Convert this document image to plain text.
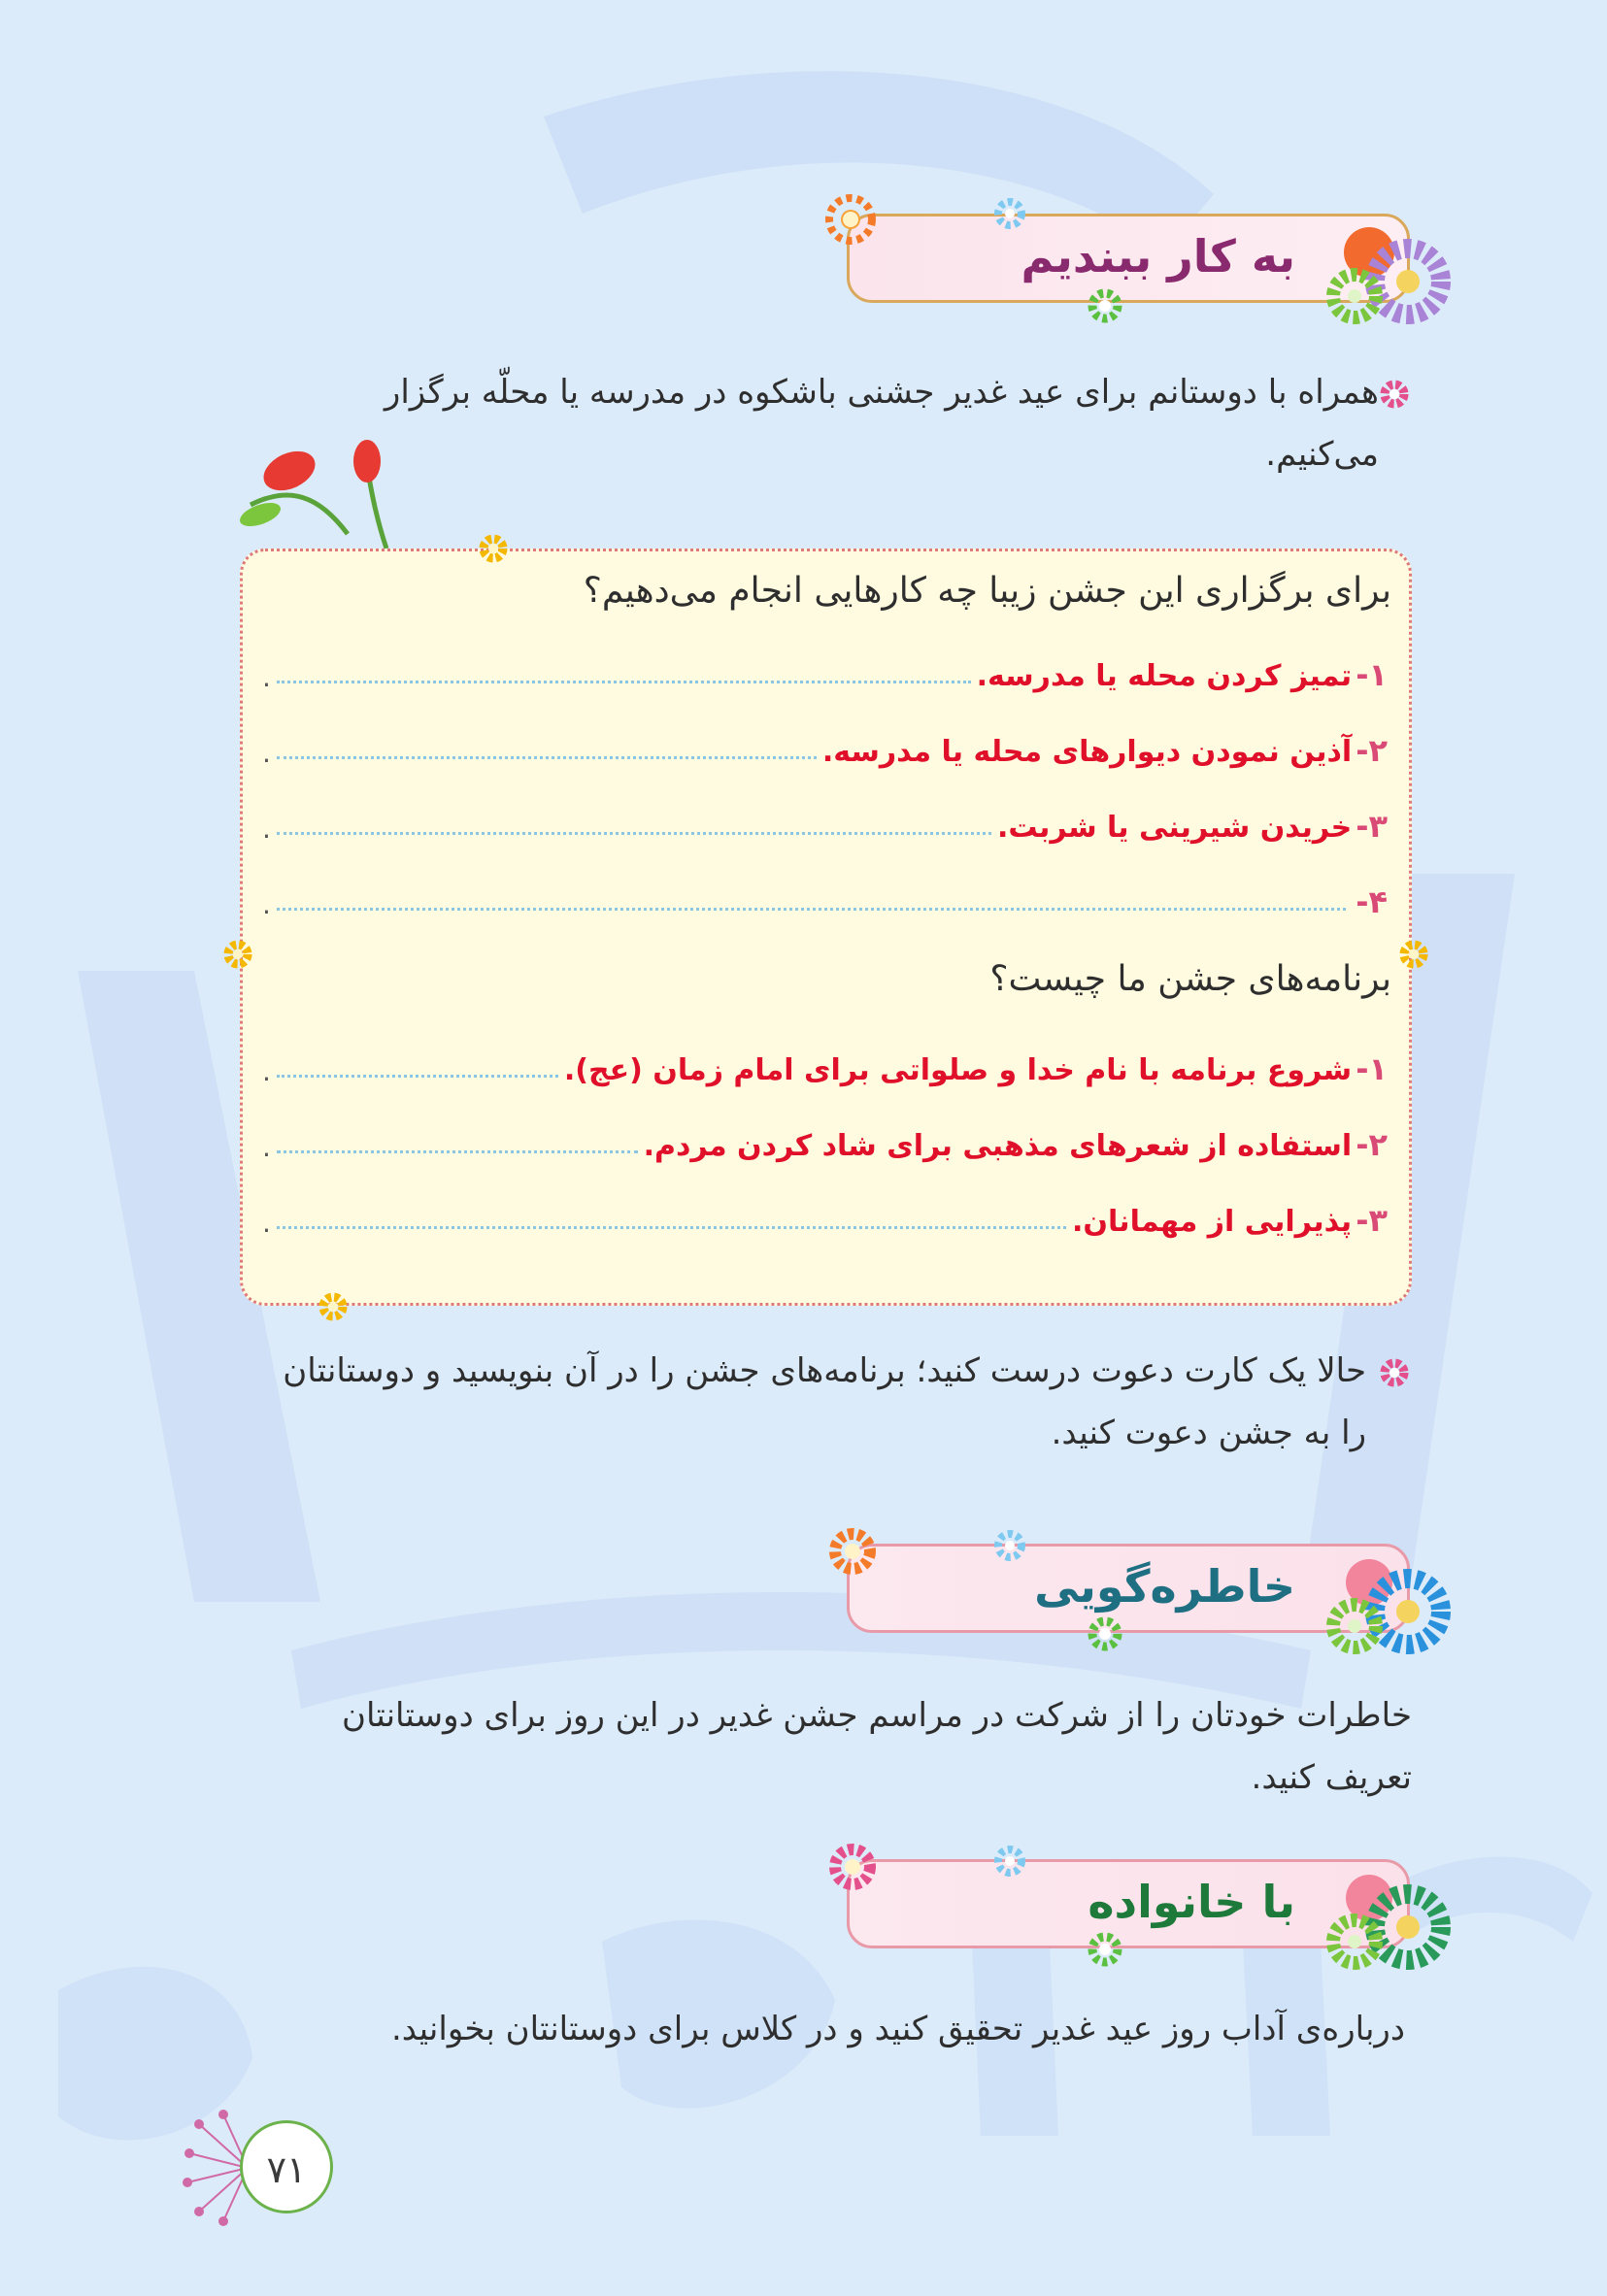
به کار ببندیم
همراه با دوستانم برای عید غدیر جشنی باشکوه در مدرسه یا محلّه برگزار
می‌کنیم.
برای برگزاری این جشن زیبا چه کارهایی انجام می‌دهیم؟
۱-
تمیز کردن محله یا مدرسه.
.
۲-
آذین نمودن دیوارهای محله یا مدرسه.
.
۳-
خریدن شیرینی یا شربت.
.
۴-
.
برنامه‌های جشن ما چیست؟
۱-
شروع برنامه با نام خدا و صلواتی برای امام زمان (عج).
.
۲-
استفاده از شعرهای مذهبی برای شاد کردن مردم.
.
۳-
پذیرایی از مهمانان.
.
حالا یک کارت دعوت درست کنید؛ برنامه‌های جشن را در آن بنویسید و دوستانتان
را به جشن دعوت کنید.
خاطره‌گویی
خاطرات خودتان را از شرکت در مراسم جشن غدیر در این روز برای دوستانتان
تعریف کنید.
با خانواده
درباره‌ی آداب روز عید غدیر تحقیق کنید و در کلاس برای دوستانتان بخوانید.
۷۱
